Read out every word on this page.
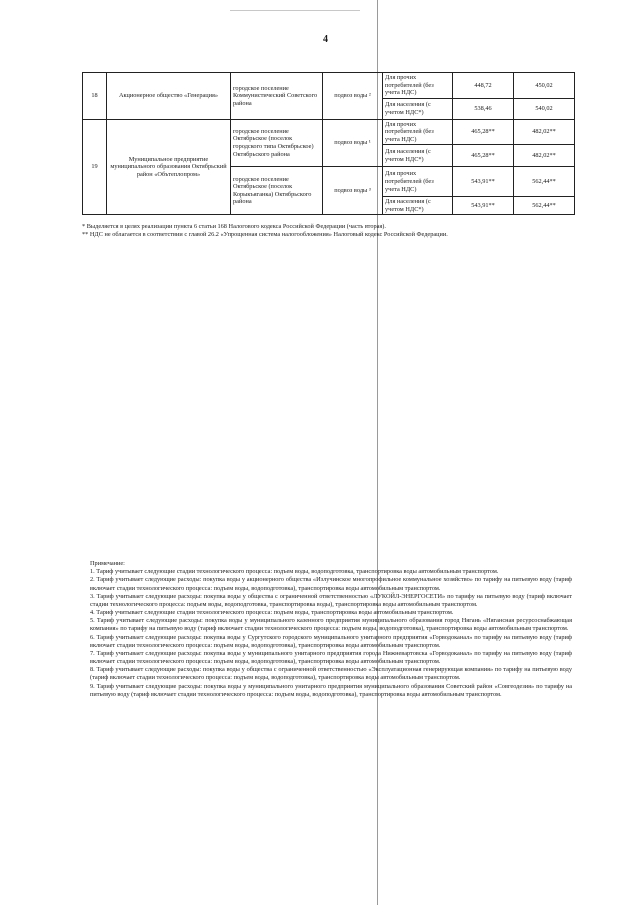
4
18	Акционерное общество «Генерация»	городское поселение Коммунистический Советского района	подвоз воды ²	Для прочих потребителей (без учета НДС)	448,72	450,02
				Для населения (с учетом НДС*)	538,46	540,02
19	Муниципальное предприятие муниципального образования Октябрьский район «Обътеплопром»	городское поселение Октябрьское (поселок городского типа Октябрьское) Октябрьского района	подвоз воды ¹	Для прочих потребителей (без учета НДС)	465,28**	482,02**
				Для населения (с учетом НДС*)	465,28**	482,02**
		городское поселение Октябрьское (поселок Корыкъяганка) Октябрьского района	подвоз воды ³	Для прочих потребителей (без учета НДС)	543,91**	562,44**
				Для населения (с учетом НДС*)	543,91**	562,44**

* Выделяется в целях реализации пункта 6 статьи 168 Налогового кодекса Российской Федерации (часть вторая).

** НДС не облагается в соответствии с главой 26.2 «Упрощенная система налогообложения» Налоговый кодекс Российской Федерации.

Примечание:

1. Тариф учитывает следующие стадии технологического процесса: подъем воды, водоподготовка, транспортировка воды автомобильным транспортом.

2. Тариф учитывает следующие расходы: покупка воды у акционерного общества «Излучинское многопрофильное коммунальное хозяйство» по тарифу на питьевую воду (тариф включает стадии технологического процесса: подъем воды, водоподготовка), транспортировка воды автомобильным транспортом.

3. Тариф учитывает следующие расходы: покупка воды у общества с ограниченной ответственностью «ЛУКОЙЛ-ЭНЕРГОСЕТИ» по тарифу на питьевую воду (тариф включает стадии технологического процесса: подъем воды, водоподготовка, транспортировка воды), транспортировка воды автомобильным транспортом.

4. Тариф учитывает следующие стадии технологического процесса: подъем воды, транспортировка воды автомобильным транспортом.

5. Тариф учитывает следующие расходы: покупка воды у муниципального казенного предприятия муниципального образования город Нягань «Нягансная ресурсоснабжающая компания» по тарифу на питьевую воду (тариф включает стадии технологического процесса: подъем воды, водоподготовка), транспортировка воды автомобильным транспортом.

6. Тариф учитывает следующие расходы: покупка воды у Сургутского городского муниципального унитарного предприятия «Горводоканал» по тарифу на питьевую воду (тариф включает стадии технологического процесса: подъем воды, водоподготовка), транспортировка воды автомобильным транспортом.

7. Тариф учитывает следующие расходы: покупка воды у муниципального унитарного предприятия города Нижневартовска «Горводоканал» по тарифу на питьевую воду (тариф включает стадии технологического процесса: подъем воды, водоподготовка), транспортировка воды автомобильным транспортом.

8. Тариф учитывает следующие расходы: покупка воды у общества с ограниченной ответственностью «Эксплуатационная генерирующая компания» по тарифу на питьевую воду (тариф включает стадии технологического процесса: подъем воды, водоподготовка), транспортировка воды автомобильным транспортом.

9. Тариф учитывает следующие расходы: покупка воды у муниципального унитарного предприятия муниципального образования Советский район «Совгеодезия» по тарифу на питьевую воду (тариф включает стадии технологического процесса: подъем воды, водоподготовка), транспортировка воды автомобильным транспортом.
